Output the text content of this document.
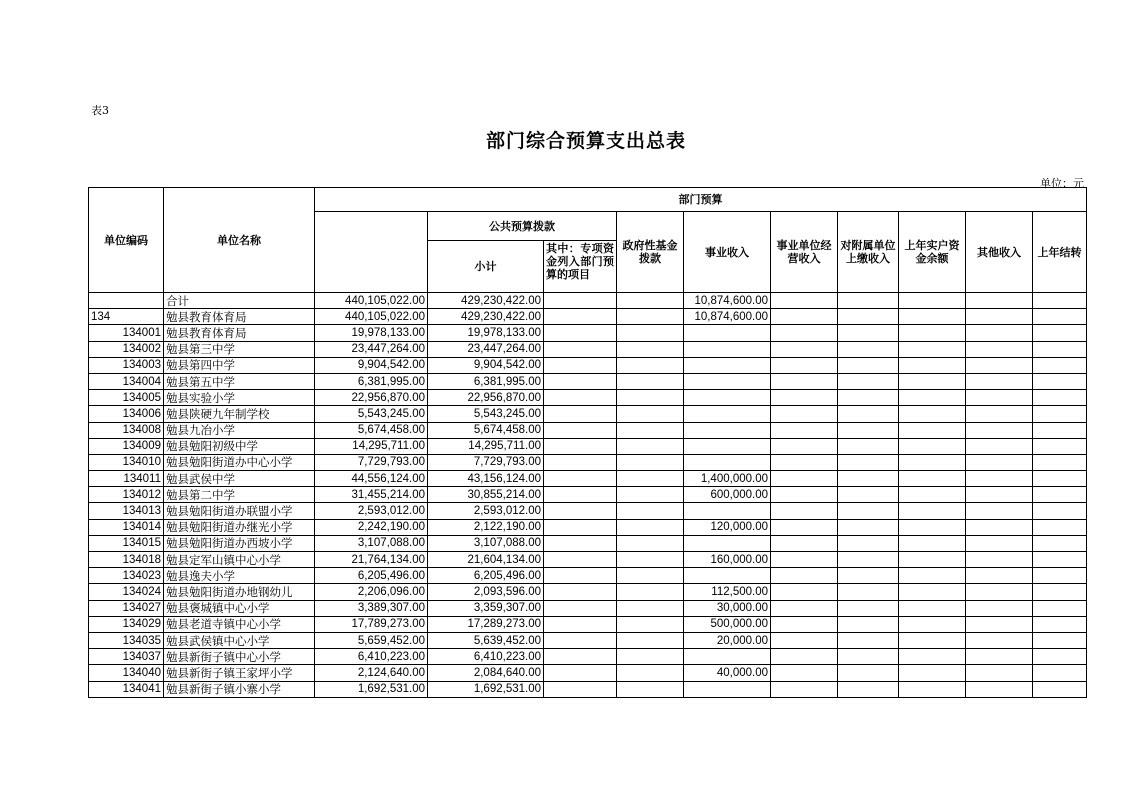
表3
部门综合预算支出总表
单位：元
单位编码	单位名称	部门预算									
			公共预算拨款		政府性基金拨款	事业收入	事业单位经营收入	对附属单位上缴收入	上年实户资金余额	其他收入	上年结转
			小计	其中：专项资金列入部门预算的项目							

	合计	440,105,022.00	429,230,422.00			10,874,600.00					
134	勉县教育体育局	440,105,022.00	429,230,422.00			10,874,600.00					
134001	勉县教育体育局	19,978,133.00	19,978,133.00								
134002	勉县第三中学	23,447,264.00	23,447,264.00								
134003	勉县第四中学	9,904,542.00	9,904,542.00								
134004	勉县第五中学	6,381,995.00	6,381,995.00								
134005	勉县实验小学	22,956,870.00	22,956,870.00								
134006	勉县陕硬九年制学校	5,543,245.00	5,543,245.00								
134008	勉县九冶小学	5,674,458.00	5,674,458.00								
134009	勉县勉阳初级中学	14,295,711.00	14,295,711.00								
134010	勉县勉阳街道办中心小学	7,729,793.00	7,729,793.00								
134011	勉县武侯中学	44,556,124.00	43,156,124.00			1,400,000.00					
134012	勉县第二中学	31,455,214.00	30,855,214.00			600,000.00					
134013	勉县勉阳街道办联盟小学	2,593,012.00	2,593,012.00								
134014	勉县勉阳街道办继光小学	2,242,190.00	2,122,190.00			120,000.00					
134015	勉县勉阳街道办西坡小学	3,107,088.00	3,107,088.00								
134018	勉县定军山镇中心小学	21,764,134.00	21,604,134.00			160,000.00					
134023	勉县逸夫小学	6,205,496.00	6,205,496.00								
134024	勉县勉阳街道办地钢幼儿	2,206,096.00	2,093,596.00			112,500.00					
134027	勉县褒城镇中心小学	3,389,307.00	3,359,307.00			30,000.00					
134029	勉县老道寺镇中心小学	17,789,273.00	17,289,273.00			500,000.00					
134035	勉县武侯镇中心小学	5,659,452.00	5,639,452.00			20,000.00					
134037	勉县新街子镇中心小学	6,410,223.00	6,410,223.00								
134040	勉县新街子镇王家坪小学	2,124,640.00	2,084,640.00			40,000.00					
134041	勉县新街子镇小寨小学	1,692,531.00	1,692,531.00								
